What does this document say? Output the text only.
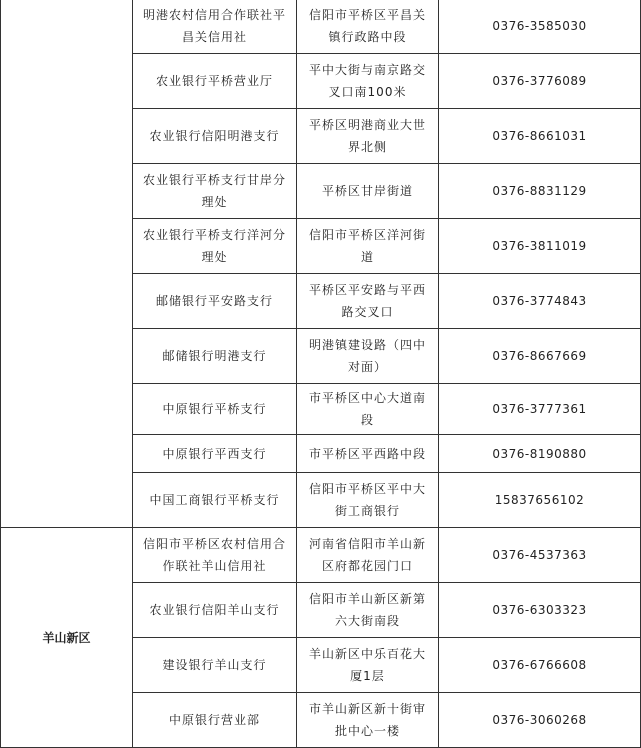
	明港农村信用合作联社平昌关信用社	信阳市平桥区平昌关镇行政路中段	0376-3585030
	农业银行平桥营业厅	平中大街与南京路交叉口南100米	0376-3776089
	农业银行信阳明港支行	平桥区明港商业大世界北侧	0376-8661031
	农业银行平桥支行甘岸分理处	平桥区甘岸街道	0376-8831129
	农业银行平桥支行洋河分理处	信阳市平桥区洋河街道	0376-3811019
	邮储银行平安路支行	平桥区平安路与平西路交叉口	0376-3774843
	邮储银行明港支行	明港镇建设路（四中对面）	0376-8667669
	中原银行平桥支行	市平桥区中心大道南段	0376-3777361
	中原银行平西支行	市平桥区平西路中段	0376-8190880
	中国工商银行平桥支行	信阳市平桥区平中大街工商银行	15837656102
羊山新区	信阳市平桥区农村信用合作联社羊山信用社	河南省信阳市羊山新区府都花园门口	0376-4537363
	农业银行信阳羊山支行	信阳市羊山新区新第六大街南段	0376-6303323
	建设银行羊山支行	羊山新区中乐百花大厦1层	0376-6766608
	中原银行营业部	市羊山新区新十街审批中心一楼	0376-3060268
